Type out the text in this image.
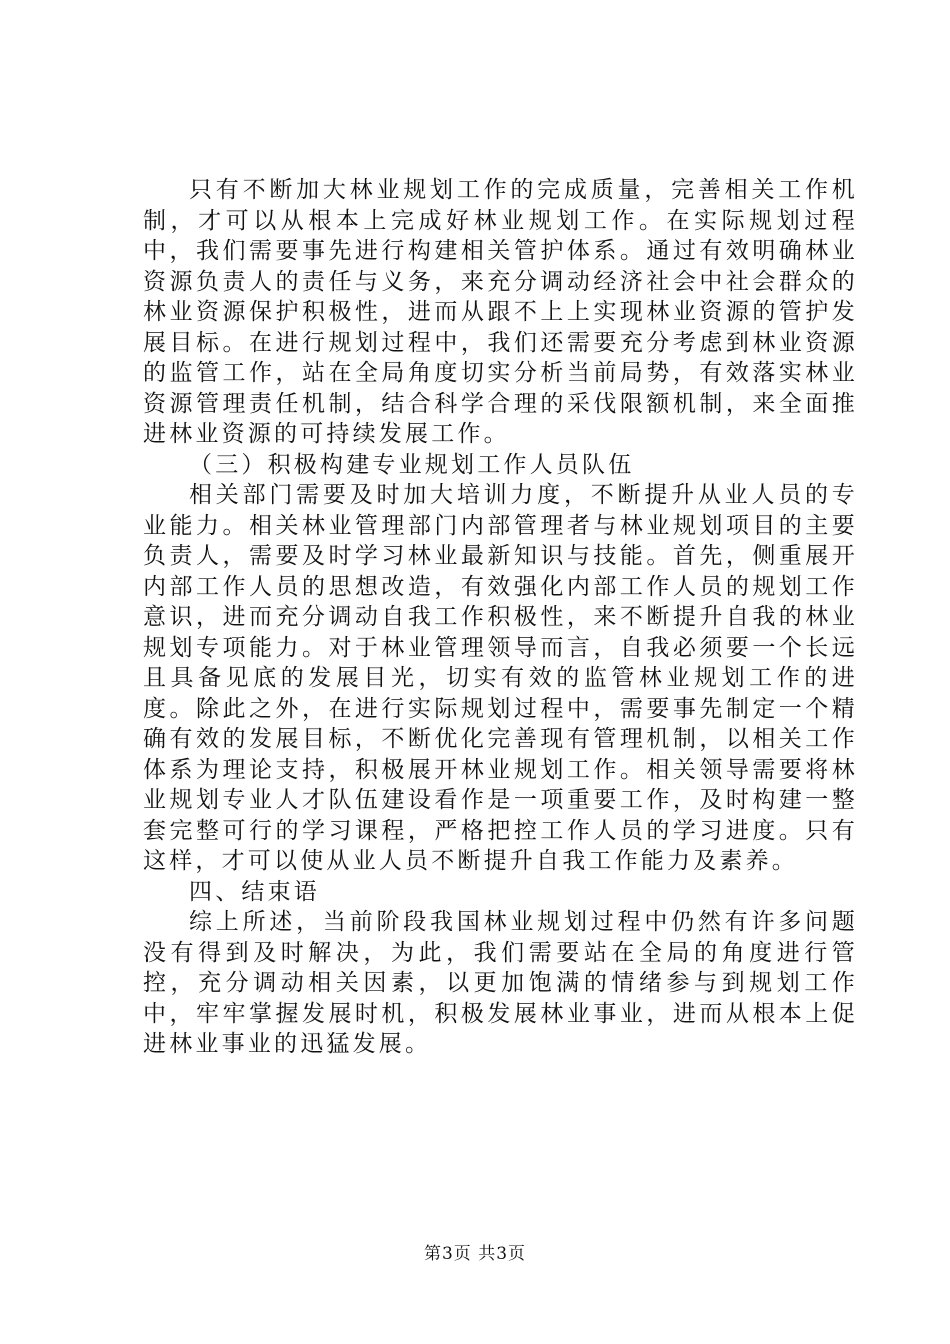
只有不断加大林业规划工作的完成质量，完善相关工作机制，才可以从根本上完成好林业规划工作。在实际规划过程中，我们需要事先进行构建相关管护体系。通过有效明确林业资源负责人的责任与义务，来充分调动经济社会中社会群众的林业资源保护积极性，进而从跟不上上实现林业资源的管护发展目标。在进行规划过程中，我们还需要充分考虑到林业资源的监管工作，站在全局角度切实分析当前局势，有效落实林业资源管理责任机制，结合科学合理的采伐限额机制，来全面推进林业资源的可持续发展工作。

（三）积极构建专业规划工作人员队伍

相关部门需要及时加大培训力度，不断提升从业人员的专业能力。相关林业管理部门内部管理者与林业规划项目的主要负责人，需要及时学习林业最新知识与技能。首先，侧重展开内部工作人员的思想改造，有效强化内部工作人员的规划工作意识，进而充分调动自我工作积极性，来不断提升自我的林业规划专项能力。对于林业管理领导而言，自我必须要一个长远且具备见底的发展目光，切实有效的监管林业规划工作的进度。除此之外，在进行实际规划过程中，需要事先制定一个精确有效的发展目标，不断优化完善现有管理机制，以相关工作体系为理论支持，积极展开林业规划工作。相关领导需要将林业规划专业人才队伍建设看作是一项重要工作，及时构建一整套完整可行的学习课程，严格把控工作人员的学习进度。只有这样，才可以使从业人员不断提升自我工作能力及素养。

四、结束语

综上所述，当前阶段我国林业规划过程中仍然有许多问题没有得到及时解决，为此，我们需要站在全局的角度进行管控，充分调动相关因素，以更加饱满的情绪参与到规划工作中，牢牢掌握发展时机，积极发展林业事业，进而从根本上促进林业事业的迅猛发展。

第3页 共3页
